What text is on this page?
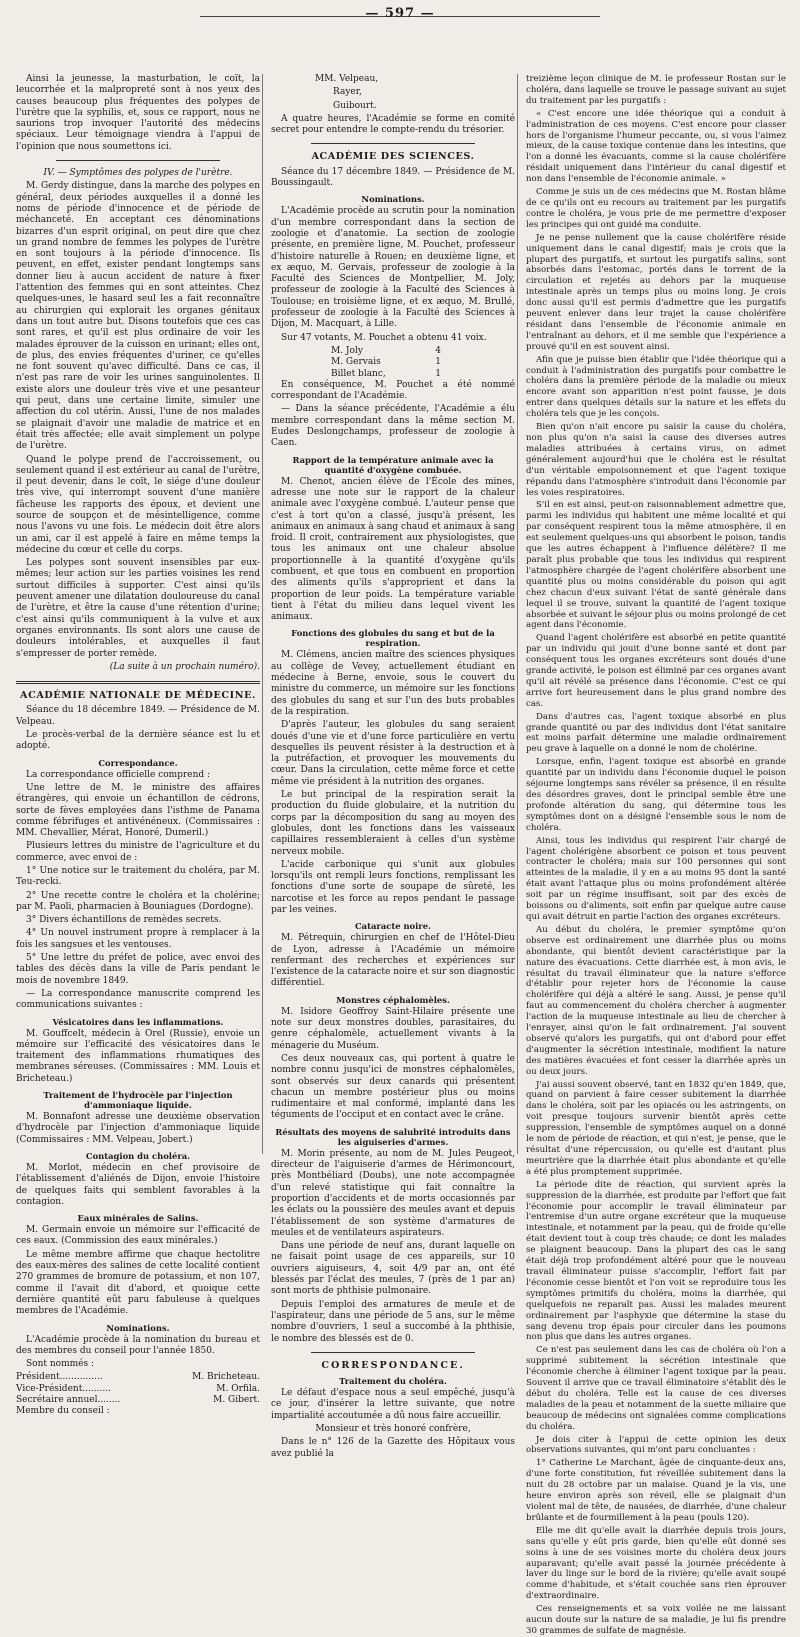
— 597 —

Ainsi la jeunesse, la masturbation, le coït, la leucorrhée et la malpropreté sont à nos yeux des causes beaucoup plus fréquentes des polypes de l'urètre que la syphilis, et, sous ce rapport, nous ne saurions trop invoquer l'autorité des médecins spéciaux. Leur témoignage viendra à l'appui de l'opinion que nous soumettons ici.

IV. — Symptômes des polypes de l'urètre.

M. Gerdy distingue, dans la marche des polypes en général, deux périodes auxquelles il a donné les noms de période d'innocence et de période de méchanceté. En acceptant ces dénominations bizarres d'un esprit original, on peut dire que chez un grand nombre de femmes les polypes de l'urètre en sont toujours à la période d'innocence. Ils peuvent, en effet, exister pendant longtemps sans donner lieu à aucun accident de nature à fixer l'attention des femmes qui en sont atteintes. Chez quelques-unes, le hasard seul les a fait reconnaître au chirurgien qui explorait les organes génitaux dans un tout autre but. Disons toutefois que ces cas sont rares, et qu'il est plus ordinaire de voir les malades éprouver de la cuisson en urinant; elles ont, de plus, des envies fréquentes d'uriner, ce qu'elles ne font souvent qu'avec difficulté. Dans ce cas, il n'est pas rare de voir les urines sanguinolentes. Il existe alors une douleur très vive et une pesanteur qui peut, dans une certaine limite, simuler une affection du col utérin. Aussi, l'une de nos malades se plaignait d'avoir une maladie de matrice et en était très affectée; elle avait simplement un polype de l'urètre.

Quand le polype prend de l'accroissement, ou seulement quand il est extérieur au canal de l'urètre, il peut devenir, dans le coït, le siége d'une douleur très vive, qui interrompt souvent d'une manière fâcheuse les rapports des époux, et devient une source de soupçon et de mésintelligence, comme nous l'avons vu une fois. Le médecin doit être alors un ami, car il est appelé à faire en même temps la médecine du cœur et celle du corps.

Les polypes sont souvent insensibles par eux-mêmes; leur action sur les parties voisines les rend surtout difficiles à supporter. C'est ainsi qu'ils peuvent amener une dilatation douloureuse du canal de l'urètre, et être la cause d'une rétention d'urine; c'est ainsi qu'ils communiquent à la vulve et aux organes environnants. Ils sont alors une cause de douleurs intolérables, et auxquelles il faut s'empresser de porter remède.

(La suite à un prochain numéro).

ACADÉMIE NATIONALE DE MÉDECINE.

Séance du 18 décembre 1849. — Présidence de M. Velpeau.

Le procès-verbal de la dernière séance est lu et adopté.

Correspondance.

La correspondance officielle comprend :

Une lettre de M. le ministre des affaires étrangères, qui envoie un échantillon de cédrons, sorte de fèves employées dans l'isthme de Panama comme fébrifuges et antivénéneux. (Commissaires : MM. Chevallier, Mérat, Honoré, Dumeril.)

Plusieurs lettres du ministre de l'agriculture et du commerce, avec envoi de :

1° Une notice sur le traitement du choléra, par M. Teu-recki.

2° Une recette contre le choléra et la cholérine; par M. Paoli, pharmacien à Bouniagues (Dordogne).

3° Divers échantillons de remèdes secrets.

4° Un nouvel instrument propre à remplacer à la fois les sangsues et les ventouses.

5° Une lettre du préfet de police, avec envoi des tables des décès dans la ville de Paris pendant le mois de novembre 1849.

— La correspondance manuscrite comprend les communications suivantes :

Vésicatoires dans les inflammations.

M. Gouffcelt, médecin à Orel (Russie), envoie un mémoire sur l'efficacité des vésicatoires dans le traitement des inflammations rhumatiques des membranes séreuses. (Commissaires : MM. Louis et Bricheteau.)

Traitement de l'hydrocèle par l'injection d'ammoniaque liquide.

M. Bonnafont adresse une deuxième observation d'hydrocèle par l'injection d'ammoniaque liquide (Commissaires : MM. Velpeau, Jobert.)

Contagion du choléra.

M. Morlot, médecin en chef provisoire de l'établissement d'aliénés de Dijon, envoie l'histoire de quelques faits qui semblent favorables à la contagion.

Eaux minérales de Salins.

M. Germain envoie un mémoire sur l'efficacité de ces eaux. (Commission des eaux minérales.)

Le même membre affirme que chaque hectolitre des eaux-mères des salines de cette localité contient 270 grammes de bromure de potassium, et non 107, comme il l'avait dit d'abord, et quoique cette dernière quantité eût paru fabuleuse à quelques membres de l'Académie.

Nominations.

L'Académie procède à la nomination du bureau et des membres du conseil pour l'année 1850.

Sont nommés :

Président...............	M. Bricheteau.
Vice-Président..........	M. Orfila.
Secrétaire annuel........	M. Gibert.

Membre du conseil :

MM. Velpeau,

Rayer,

Guibourt.

A quatre heures, l'Académie se forme en comité secret pour entendre le compte-rendu du trésorier.

ACADÉMIE DES SCIENCES.

Séance du 17 décembre 1849. — Présidence de M. Boussingault.

Nominations.

L'Académie procède au scrutin pour la nomination d'un membre correspondant dans la section de zoologie et d'anatomie. La section de zoologie présente, en première ligne, M. Pouchet, professeur d'histoire naturelle à Rouen; en deuxième ligne, et ex æquo, M. Gervais, professeur de zoologie à la Faculté des Sciences de Montpellier, M. Joly, professeur de zoologie à la Faculté des Sciences à Toulouse; en troisième ligne, et ex æquo, M. Brullé, professeur de zoologie à la Faculté des Sciences à Dijon, M. Macquart, à Lille.

Sur 47 votants, M. Pouchet a obtenu 41 voix.

M. Joly	4
M. Gervais	1
Billet blanc,	1

En conséquence, M. Pouchet a été nommé correspondant de l'Académie.

— Dans la séance précédente, l'Académie a élu membre correspondant dans la même section M. Eudes Deslongchamps, professeur de zoologie à Caen.

Rapport de la température animale avec la quantité d'oxygène combuée.

M. Chenot, ancien élève de l'École des mines, adresse une note sur le rapport de la chaleur animale avec l'oxygène combué. L'auteur pense que c'est à tort qu'on a classé, jusqu'à présent, les animaux en animaux à sang chaud et animaux à sang froid. Il croit, contrairement aux physiologistes, que tous les animaux ont une chaleur absolue proportionnelle à la quantité d'oxygène qu'ils combuent, et que tous en combuent en proportion des aliments qu'ils s'approprient et dans la proportion de leur poids. La température variable tient à l'état du milieu dans lequel vivent les animaux.

Fonctions des globules du sang et but de la respiration.

M. Clémens, ancien maître des sciences physiques au collège de Vevey, actuellement étudiant en médecine à Berne, envoie, sous le couvert du ministre du commerce, un mémoire sur les fonctions des globules du sang et sur l'un des buts probables de la respiration.

D'après l'auteur, les globules du sang seraient doués d'une vie et d'une force particulière en vertu desquelles ils peuvent résister à la destruction et à la putréfaction, et provoquer les mouvements du cœur. Dans la circulation, cette même force et cette même vie président à la nutrition des organes.

Le but principal de la respiration serait la production du fluide globulaire, et la nutrition du corps par la décomposition du sang au moyen des globules, dont les fonctions dans les vaisseaux capillaires ressembleraient à celles d'un système nerveux mobile.

L'acide carbonique qui s'unit aux globules lorsqu'ils ont rempli leurs fonctions, remplissant les fonctions d'une sorte de soupape de sûreté, les narcotise et les force au repos pendant le passage par les veines.

Cataracte noire.

M. Pétrequin, chirurgien en chef de l'Hôtel-Dieu de Lyon, adresse à l'Académie un mémoire renfermant des recherches et expériences sur l'existence de la cataracte noire et sur son diagnostic différentiel.

Monstres céphalomèles.

M. Isidore Geoffroy Saint-Hilaire présente une note sur deux monstres doubles, parasitaires, du genre céphalomèle, actuellement vivants à la ménagerie du Muséum.

Ces deux nouveaux cas, qui portent à quatre le nombre connu jusqu'ici de monstres céphalomèles, sont observés sur deux canards qui présentent chacun un membre postérieur plus ou moins rudimentaire et mal conformé, implanté dans les téguments de l'occiput et en contact avec le crâne.

Résultats des moyens de salubrité introduits dans les aiguiseries d'armes.

M. Morin présente, au nom de M. Jules Peugeot, directeur de l'aiguiserie d'armes de Hérimoncourt, près Montbéliard (Doubs), une note accompagnée d'un relevé statistique qui fait connaître la proportion d'accidents et de morts occasionnés par les éclats ou la poussière des meules avant et depuis l'établissement de son système d'armatures de meules et de ventilateurs aspirateurs.

Dans une période de neuf ans, durant laquelle on ne faisait point usage de ces appareils, sur 10 ouvriers aiguiseurs, 4, soit 4/9 par an, ont été blessés par l'éclat des meules, 7 (près de 1 par an) sont morts de phthisie pulmonaire.

Depuis l'emploi des armatures de meule et de l'aspirateur, dans une période de 5 ans, sur le même nombre d'ouvriers, 1 seul a succombé à la phthisie, le nombre des blessés est de 0.

CORRESPONDANCE.
Traitement du choléra.

Le défaut d'espace nous a seul empêché, jusqu'à ce jour, d'insérer la lettre suivante, que notre impartialité accoutumée a dû nous faire accueillir.

Monsieur et très honoré confrère,

Dans le n° 126 de la Gazette des Hôpitaux vous avez publié la

treizième leçon clinique de M. le professeur Rostan sur le choléra, dans laquelle se trouve le passage suivant au sujet du traitement par les purgatifs :

« C'est encore une idée théorique qui a conduit à l'administration de ces moyens. C'est encore pour classer hors de l'organisme l'humeur peccante, ou, si vous l'aimez mieux, de la cause toxique contenue dans les intestins, que l'on a donné les évacuants, comme si la cause cholérifère résidait uniquement dans l'intérieur du canal digestif et non dans l'ensemble de l'économie animale. »

Comme je suis un de ces médecins que M. Rostan blâme de ce qu'ils ont eu recours au traitement par les purgatifs contre le choléra, je vous prie de me permettre d'exposer les principes qui ont guidé ma conduite.

Je ne pense nullement que la cause cholérifère réside uniquement dans le canal digestif; mais je crois que la plupart des purgatifs, et surtout les purgatifs salins, sont absorbés dans l'estomac, portés dans le torrent de la circulation et rejetés au dehors par la muqueuse intestinale après un temps plus ou moins long. Je crois donc aussi qu'il est permis d'admettre que les purgatifs peuvent enlever dans leur trajet la cause cholérifère résidant dans l'ensemble de l'économie animale en l'entraînant au dehors, et il me semble que l'expérience a prouvé qu'il en est souvent ainsi.

Afin que je puisse bien établir que l'idée théorique qui a conduit à l'administration des purgatifs pour combattre le choléra dans la première période de la maladie ou mieux encore avant son apparition n'est point fausse, je dois entrer dans quelques détails sur la nature et les effets du choléra tels que je les conçois.

Bien qu'on n'ait encore pu saisir la cause du choléra, non plus qu'on n'a saisi la cause des diverses autres maladies attribuées à certains virus, on admet généralement aujourd'hui que le choléra est le résultat d'un véritable empoisonnement et que l'agent toxique répandu dans l'atmosphère s'introduit dans l'économie par les voies respiratoires.

S'il en est ainsi, peut-on raisonnablement admettre que, parmi les individus qui habitent une même localité et qui par conséquent respirent tous la même atmosphère, il en est seulement quelques-uns qui absorbent le poison, tandis que les autres échappent à l'influence délétère? Il me paraît plus probable que tous les individus qui respirent l'atmosphère chargée de l'agent cholérifère absorbent une quantité plus ou moins considérable du poison qui agit chez chacun d'eux suivant l'état de santé générale dans lequel il se trouve, suivant la quantité de l'agent toxique absorbée et suivant le séjour plus ou moins prolongé de cet agent dans l'économie.

Quand l'agent cholérifère est absorbé en petite quantité par un individu qui jouit d'une bonne santé et dont par conséquent tous les organes excréteurs sont doués d'une grande activité, le poison est éliminé par ces organes avant qu'il ait révélé sa présence dans l'économie. C'est ce qui arrive fort heureusement dans le plus grand nombre des cas.

Dans d'autres cas, l'agent toxique absorbé en plus grande quantité ou par des individus dont l'état sanitaire est moins parfait détermine une maladie ordinairement peu grave à laquelle on a donné le nom de cholérine.

Lorsque, enfin, l'agent toxique est absorbé en grande quantité par un individu dans l'économie duquel le poison séjourne longtemps sans révéler sa présence, il en résulte des désordres graves, dont le principal semble être une profonde altération du sang, qui détermine tous les symptômes dont on a désigné l'ensemble sous le nom de choléra.

Ainsi, tous les individus qui respirent l'air chargé de l'agent cholérigène absorbent ce poison et tous peuvent contracter le choléra; mais sur 100 personnes qui sont atteintes de la maladie, il y en a au moins 95 dont la santé était avant l'attaque plus ou moins profondément altérée soit par un régime insuffisant, soit par des excès de boissons ou d'aliments, soit enfin par quelque autre cause qui avait détruit en partie l'action des organes excréteurs.

Au début du choléra, le premier symptôme qu'on observe est ordinairement une diarrhée plus ou moins abondante, qui bientôt devient caractéristique par la nature des évacuations. Cette diarrhée est, à mon avis, le résultat du travail éliminateur que la nature s'efforce d'établir pour rejeter hors de l'économie la cause cholérifère qui déjà a altéré le sang. Aussi, je pense qu'il faut au commencement du choléra chercher à augmenter l'action de la muqueuse intestinale au lieu de chercher à l'enrayer, ainsi qu'on le fait ordinairement. J'ai souvent observé qu'alors les purgatifs, qui ont d'abord pour effet d'augmenter la sécrétion intestinale, modifient la nature des matières évacuées et font cesser la diarrhée après un ou deux jours.

J'ai aussi souvent observé, tant en 1832 qu'en 1849, que, quand on parvient à faire cesser subitement la diarrhée dans le choléra, soit par les opiacés ou les astringents, on voit presque toujours survenir bientôt après cette suppression, l'ensemble de symptômes auquel on a donné le nom de période de réaction, et qui n'est, je pense, que le résultat d'une répercussion, ou qu'elle est d'autant plus meurtrière que la diarrhée était plus abondante et qu'elle a été plus promptement supprimée.

La période dite de réaction, qui survient après la suppression de la diarrhée, est produite par l'effort que fait l'économie pour accomplir le travail éliminateur par l'entremise d'un autre organe excréteur que la muqueuse intestinale, et notamment par la peau, qui de froide qu'elle était devient tout à coup très chaude; ce dont les malades se plaignent beaucoup. Dans la plupart des cas le sang était déjà trop profondément altéré pour que le nouveau travail éliminateur puisse s'accomplir, l'effort fait par l'économie cesse bientôt et l'on voit se reproduire tous les symptômes primitifs du choléra, moins la diarrhée, qui quelquefois ne reparaît pas. Aussi les malades meurent ordinairement par l'asphyxie que détermine la stase du sang devenu trop épais pour circuler dans les poumons non plus que dans les autres organes.

Ce n'est pas seulement dans les cas de choléra où l'on a supprimé subitement la sécrétion intestinale que l'économie cherche à éliminer l'agent toxique par la peau. Souvent il arrive que ce travail éliminatoire s'établit dès le début du choléra. Telle est la cause de ces diverses maladies de la peau et notamment de la suette miliaire que beaucoup de médecins ont signalées comme complications du choléra.

Je dois citer à l'appui de cette opinion les deux observations suivantes, qui m'ont paru concluantes :

1° Catherine Le Marchant, âgée de cinquante-deux ans, d'une forte constitution, fut réveillée subitement dans la nuit du 28 octobre par un malaise. Quand je la vis, une heure environ après son réveil, elle se plaignait d'un violent mal de tête, de nausées, de diarrhée, d'une chaleur brûlante et de fourmillement à la peau (pouls 120).

Elle me dit qu'elle avait la diarrhée depuis trois jours, sans qu'elle y eût pris garde, bien qu'elle eût donné ses soins à une de ses voisines morte du choléra deux jours auparavant; qu'elle avait passé la journée précédente à laver du linge sur le bord de la rivière; qu'elle avait soupé comme d'habitude, et s'était couchée sans rien éprouver d'extraordinaire.

Ces renseignements et sa voix voilée ne me laissant aucun doute sur la nature de sa maladie, je lui fis prendre 30 grammes de sulfate de magnésie.
